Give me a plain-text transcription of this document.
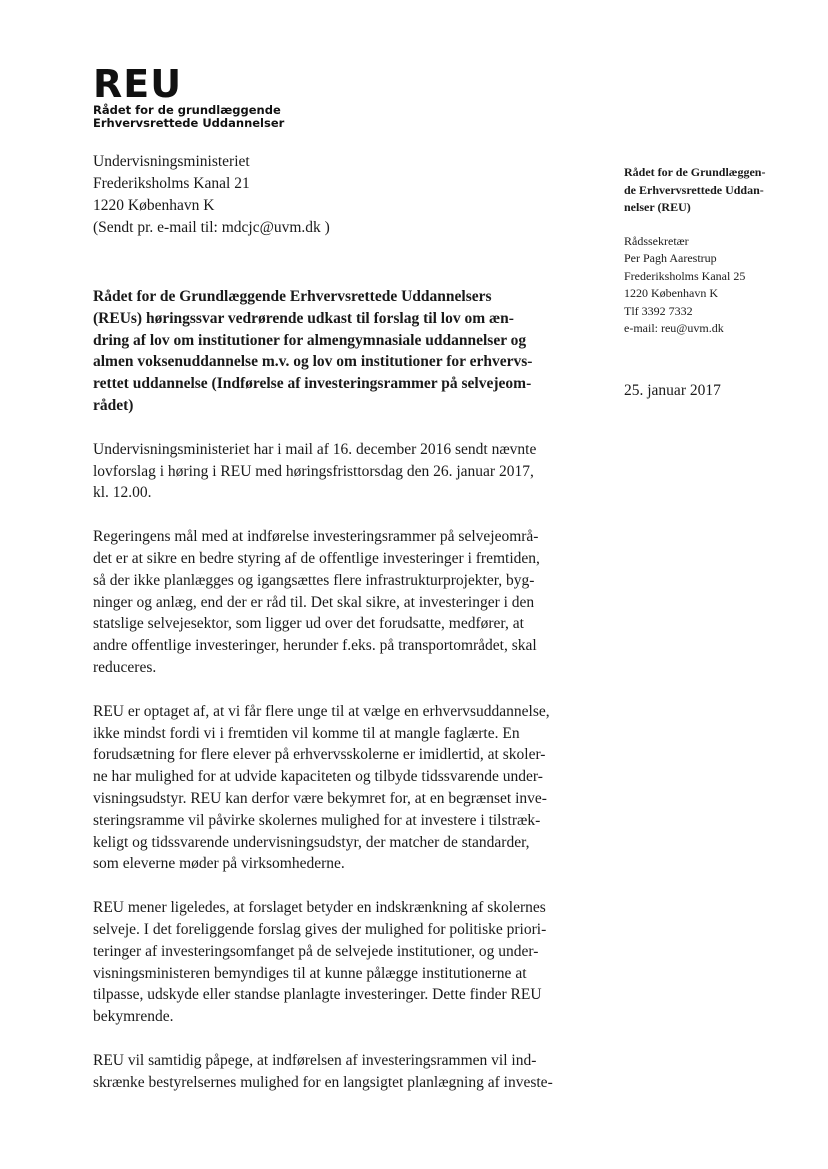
REU
Rådet for de grundlæggende
Erhvervsrettede Uddannelser
Undervisningsministeriet
Frederiksholms Kanal 21
1220 København K
(Sendt pr. e-mail til: mdcjc@uvm.dk )
Rådet for de Grundlæggen-
de Erhvervsrettede Uddan-
nelser (REU)
Rådssekretær
Per Pagh Aarestrup
Frederiksholms Kanal 25
1220 København K
Tlf 3392 7332
e-mail: reu@uvm.dk
25. januar 2017
Rådet for de Grundlæggende Erhvervsrettede Uddannelsers
(REUs) høringssvar vedrørende udkast til forslag til lov om æn-
dring af lov om institutioner for almengymnasiale uddannelser og
almen voksenuddannelse m.v. og lov om institutioner for erhvervs-
rettet uddannelse (Indførelse af investeringsrammer på selvejeom-
rådet)
Undervisningsministeriet har i mail af 16. december 2016 sendt nævnte
lovforslag i høring i REU med høringsfristtorsdag den 26. januar 2017,
kl. 12.00.
Regeringens mål med at indførelse investeringsrammer på selvejeområ-
det er at sikre en bedre styring af de offentlige investeringer i fremtiden,
så der ikke planlægges og igangsættes flere infrastrukturprojekter, byg-
ninger og anlæg, end der er råd til. Det skal sikre, at investeringer i den
statslige selvejesektor, som ligger ud over det forudsatte, medfører, at
andre offentlige investeringer, herunder f.eks. på transportområdet, skal
reduceres.
REU er optaget af, at vi får flere unge til at vælge en erhvervsuddannelse,
ikke mindst fordi vi i fremtiden vil komme til at mangle faglærte. En
forudsætning for flere elever på erhvervsskolerne er imidlertid, at skoler-
ne har mulighed for at udvide kapaciteten og tilbyde tidssvarende under-
visningsudstyr. REU kan derfor være bekymret for, at en begrænset inve-
steringsramme vil påvirke skolernes mulighed for at investere i tilstræk-
keligt og tidssvarende undervisningsudstyr, der matcher de standarder,
som eleverne møder på virksomhederne.
REU mener ligeledes, at forslaget betyder en indskrænkning af skolernes
selveje. I det foreliggende forslag gives der mulighed for politiske priori-
teringer af investeringsomfanget på de selvejede institutioner, og under-
visningsministeren bemyndiges til at kunne pålægge institutionerne at
tilpasse, udskyde eller standse planlagte investeringer. Dette finder REU
bekymrende.
REU vil samtidig påpege, at indførelsen af investeringsrammen vil ind-
skrænke bestyrelsernes mulighed for en langsigtet planlægning af investe-
